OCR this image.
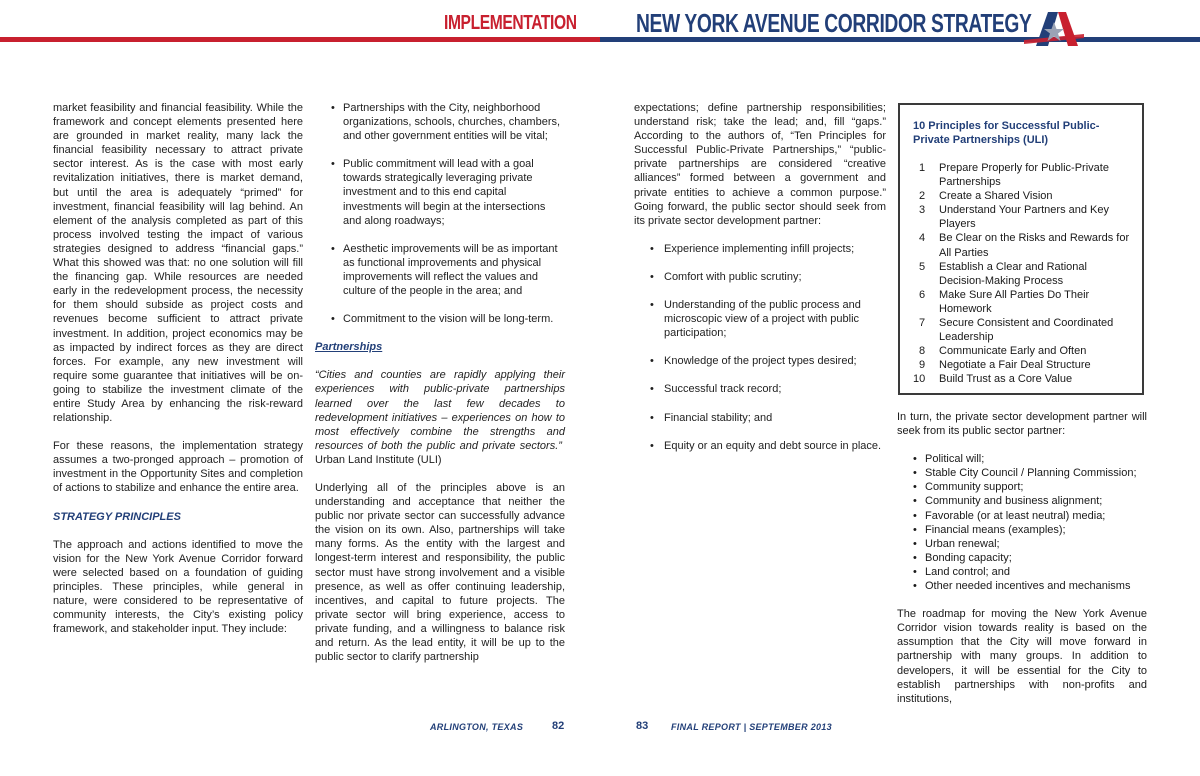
IMPLEMENTATION NEW YORK AVENUE CORRIDOR STRATEGY

market feasibility and financial feasibility. While the framework and concept elements presented here are grounded in market reality, many lack the financial feasibility necessary to attract private sector interest. As is the case with most early revitalization initiatives, there is market demand, but until the area is adequately “primed” for investment, financial feasibility will lag behind. An element of the analysis completed as part of this process involved testing the impact of various strategies designed to address “financial gaps.” What this showed was that: no one solution will fill the financing gap. While resources are needed early in the redevelopment process, the necessity for them should subside as project costs and revenues become sufficient to attract private investment. In addition, project economics may be as impacted by indirect forces as they are direct forces. For example, any new investment will require some guarantee that initiatives will be on-going to stabilize the investment climate of the entire Study Area by enhancing the risk-reward relationship.

For these reasons, the implementation strategy assumes a two-pronged approach – promotion of investment in the Opportunity Sites and completion of actions to stabilize and enhance the entire area.

STRATEGY PRINCIPLES

The approach and actions identified to move the vision for the New York Avenue Corridor forward were selected based on a foundation of guiding principles. These principles, while general in nature, were considered to be representative of community interests, the City’s existing policy framework, and stakeholder input. They include:

• Partnerships with the City, neighborhood organizations, schools, churches, chambers, and other government entities will be vital;
• Public commitment will lead with a goal towards strategically leveraging private investment and to this end capital investments will begin at the intersections and along roadways;
• Aesthetic improvements will be as important as functional improvements and physical improvements will reflect the values and culture of the people in the area; and
• Commitment to the vision will be long-term.

Partnerships

“Cities and counties are rapidly applying their experiences with public-private partnerships learned over the last few decades to redevelopment initiatives – experiences on how to most effectively combine the strengths and resources of both the public and private sectors.”  Urban Land Institute (ULI)

Underlying all of the principles above is an understanding and acceptance that neither the public nor private sector can successfully advance the vision on its own. Also, partnerships will take many forms. As the entity with the largest and longest-term interest and responsibility, the public sector must have strong involvement and a visible presence, as well as offer continuing leadership, incentives, and capital to future projects. The private sector will bring experience, access to private funding, and a willingness to balance risk and return. As the lead entity, it will be up to the public sector to clarify partnership

expectations; define partnership responsibilities; understand risk; take the lead; and, fill “gaps.” According to the authors of, “Ten Principles for Successful Public-Private Partnerships,” “public-private partnerships are considered “creative alliances” formed between a government and private entities to achieve a common purpose.” Going forward, the public sector should seek from its private sector development partner:

• Experience implementing infill projects;
• Comfort with public scrutiny;
• Understanding of the public process and microscopic view of a project with public participation;
• Knowledge of the project types desired;
• Successful track record;
• Financial stability; and
• Equity or an equity and debt source in place.
10 Principles for Successful Public-Private Partnerships (ULI)
1 Prepare Properly for Public-Private Partnerships
2 Create a Shared Vision
3 Understand Your Partners and Key Players
4 Be Clear on the Risks and Rewards for All Parties
5 Establish a Clear and Rational Decision-Making Process
6 Make Sure All Parties Do Their Homework
7 Secure Consistent and Coordinated Leadership
8 Communicate Early and Often
9 Negotiate a Fair Deal Structure
10 Build Trust as a Core Value

In turn, the private sector development partner will seek from its public sector partner:

• Political will;
• Stable City Council / Planning Commission;
• Community support;
• Community and business alignment;
• Favorable (or at least neutral) media;
• Financial means (examples);
• Urban renewal;
• Bonding capacity;
• Land control; and
• Other needed incentives and mechanisms

The roadmap for moving the New York Avenue Corridor vision towards reality is based on the assumption that the City will move forward in partnership with many groups. In addition to developers, it will be essential for the City to establish partnerships with non-profits and institutions,

ARLINGTON, TEXAS	82	83	FINAL REPORT | SEPTEMBER 2013
